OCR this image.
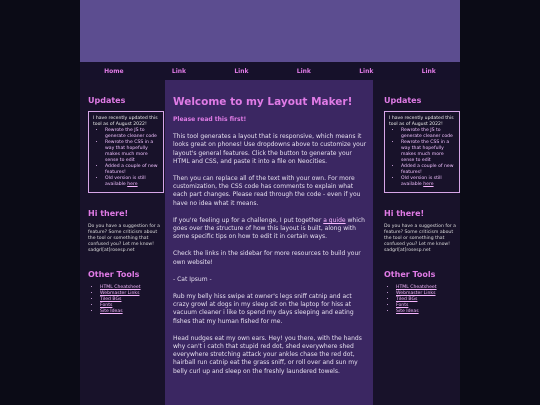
Home	Link	Link	Link	Link	Link
Updates
I have recently updated this tool as of August 2022!
• Rewrote the JS to generate cleaner code
• Rewrote the CSS in a way that hopefully makes much more sense to edit
• Added a couple of new features!
• Old version is still available here
Hi there!

Do you have a suggestion for a feature? Some criticism about the tool or something that confused you? Let me know! sadgrl[at]rosesp.net

Other Tools
• HTML Cheatsheet
• Webmaster Links
• Tiled BGs
• Fonts
• Site Ideas
Welcome to my Layout Maker!

Please read this first!

This tool generates a layout that is responsive, which means it looks great on phones! Use dropdowns above to customize your layout's general features. Click the button to generate your HTML and CSS, and paste it into a file on Neocities.

Then you can replace all of the text with your own. For more customization, the CSS code has comments to explain what each part changes. Please read through the code - even if you have no idea what it means.

If you're feeling up for a challenge, I put together a guide which goes over the structure of how this layout is built, along with some specific tips on how to edit it in certain ways.

Check the links in the sidebar for more resources to build your own website!

- Cat Ipsum -

Rub my belly hiss swipe at owner's legs sniff catnip and act crazy growl at dogs in my sleep sit on the laptop for hiss at vacuum cleaner i like to spend my days sleeping and eating fishes that my human fished for me.

Head nudges eat my own ears. Hey! you there, with the hands why can't i catch that stupid red dot, shed everywhere shed everywhere stretching attack your ankles chase the red dot, hairball run catnip eat the grass sniff, or roll over and sun my belly curl up and sleep on the freshly laundered towels.

Updates
I have recently updated this tool as of August 2022!
• Rewrote the JS to generate cleaner code
• Rewrote the CSS in a way that hopefully makes much more sense to edit
• Added a couple of new features!
• Old version is still available here
Hi there!

Do you have a suggestion for a feature? Some criticism about the tool or something that confused you? Let me know! sadgrl[at]rosesp.net

Other Tools
• HTML Cheatsheet
• Webmaster Links
• Tiled BGs
• Fonts
• Site Ideas
